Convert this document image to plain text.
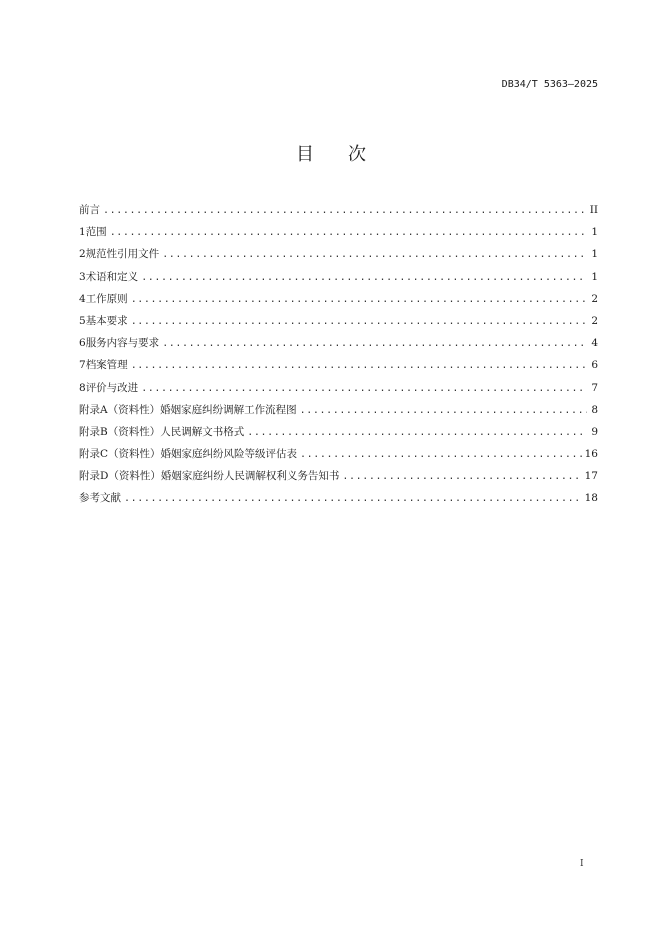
DB34/T 5363—2025
目 次
前言 .....	II
1 范围 .....	1
2 规范性引用文件 .....	1
3 术语和定义 .....	1
4 工作原则 .....	2
5 基本要求 .....	2
6 服务内容与要求 .....	4
7 档案管理 .....	6
8 评价与改进 .....	7
附录A（资料性） 婚姻家庭纠纷调解工作流程图 .....	8
附录B（资料性） 人民调解文书格式 .....	9
附录C（资料性） 婚姻家庭纠纷风险等级评估表 .....	16
附录D（资料性） 婚姻家庭纠纷人民调解权利义务告知书 .....	17
参考文献 .....	18
I
